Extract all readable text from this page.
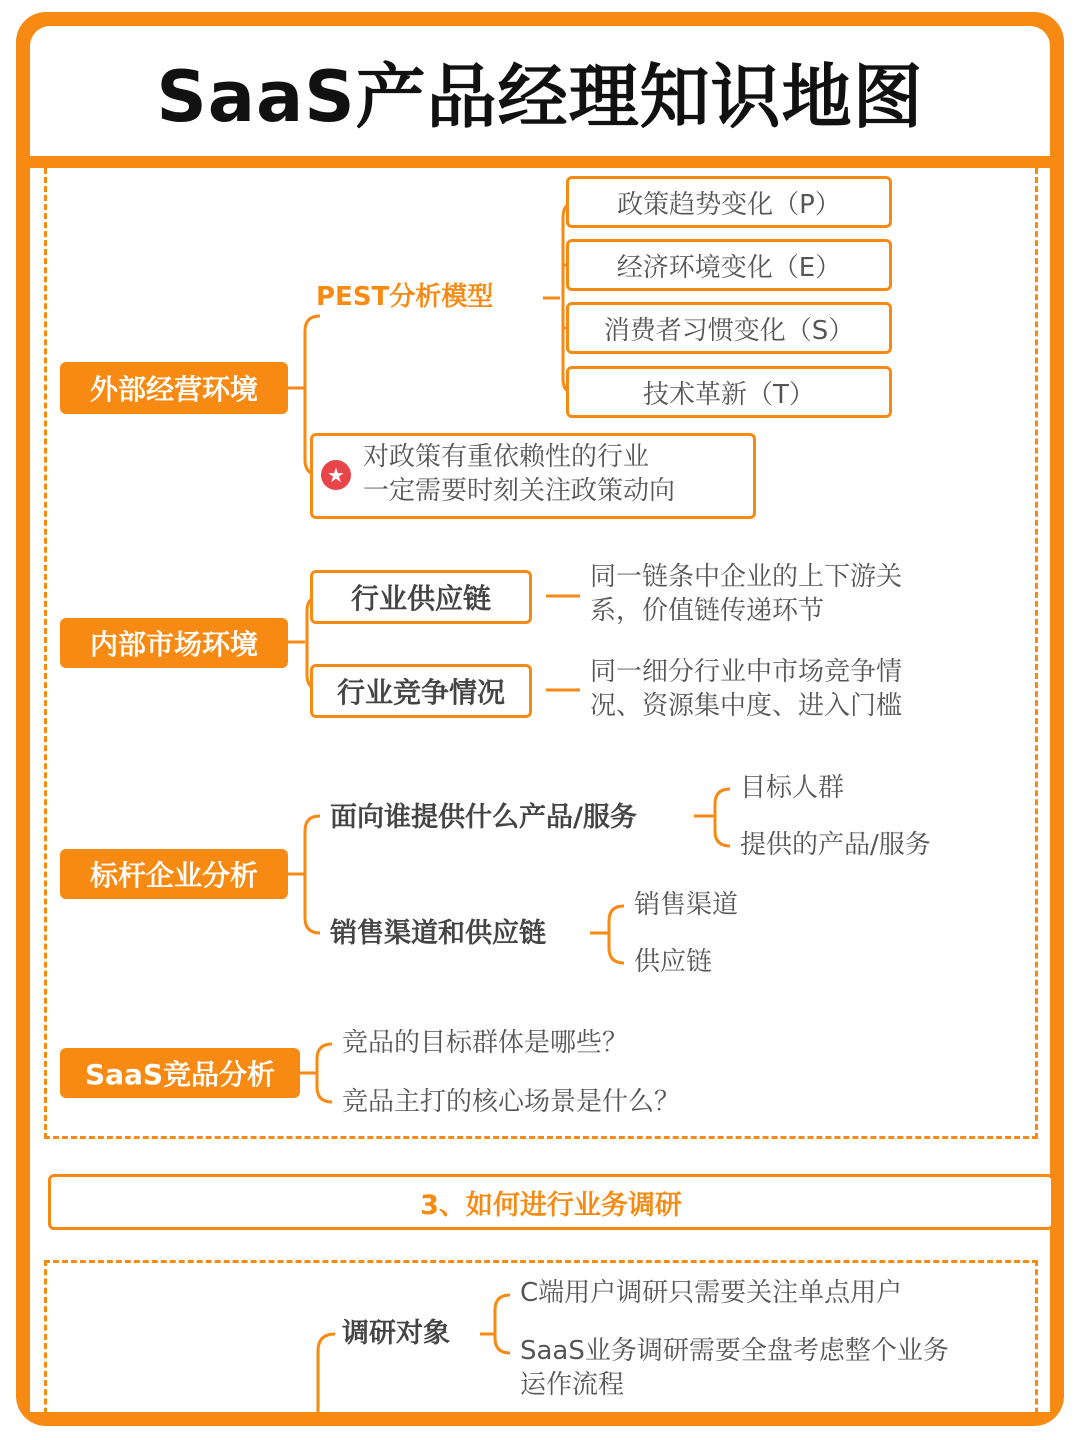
SaaS产品经理知识地图
外部经营环境
PEST分析模型
政策趋势变化（P）
经济环境变化（E）
消费者习惯变化（S）
技术革新（T）
★
对政策有重依赖性的行业
一定需要时刻关注政策动向
内部市场环境
行业供应链
行业竞争情况
同一链条中企业的上下游关
系，价值链传递环节
同一细分行业中市场竞争情
况、资源集中度、进入门槛
标杆企业分析
面向谁提供什么产品/服务
目标人群
提供的产品/服务
销售渠道和供应链
销售渠道
供应链
SaaS竞品分析
竞品的目标群体是哪些？
竞品主打的核心场景是什么？
3、如何进行业务调研
调研对象
C端用户调研只需要关注单点用户
SaaS业务调研需要全盘考虑整个业务
运作流程
